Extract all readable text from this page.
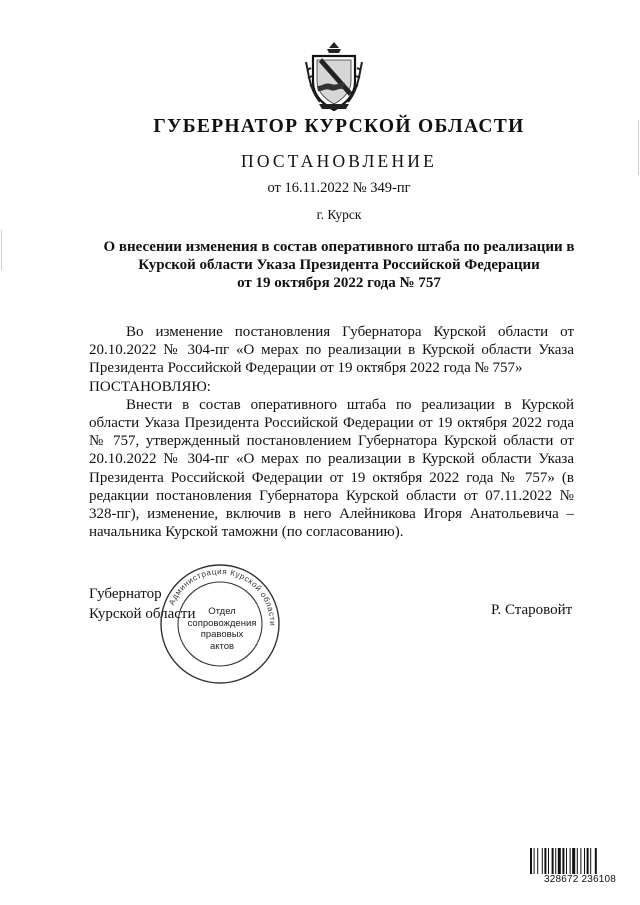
ГУБЕРНАТОР КУРСКОЙ ОБЛАСТИ
ПОСТАНОВЛЕНИЕ
от 16.11.2022 № 349-пг
г. Курск
О внесении изменения в состав оперативного штаба по реализации в
Курской области Указа Президента Российской Федерации
от 19 октября 2022 года № 757

Во изменение постановления Губернатора Курской области от 20.10.2022 № 304-пг «О мерах по реализации в Курской области Указа Президента Российской Федерации от 19 октября 2022 года № 757»

ПОСТАНОВЛЯЮ:

Внести в состав оперативного штаба по реализации в Курской области Указа Президента Российской Федерации от 19 октября 2022 года № 757, утвержденный постановлением Губернатора Курской области от 20.10.2022 № 304-пг «О мерах по реализации в Курской области Указа Президента Российской Федерации от 19 октября 2022 года № 757» (в редакции постановления Губернатора Курской области от 07.11.2022 № 328-пг), изменение, включив в него Алейникова Игоря Анатольевича – начальника Курской таможни (по согласованию).

Губернатор
Курской области	Р. Старовойт
Администрация Курской области
Отдел
сопровождения
правовых
актов
328672 236108
